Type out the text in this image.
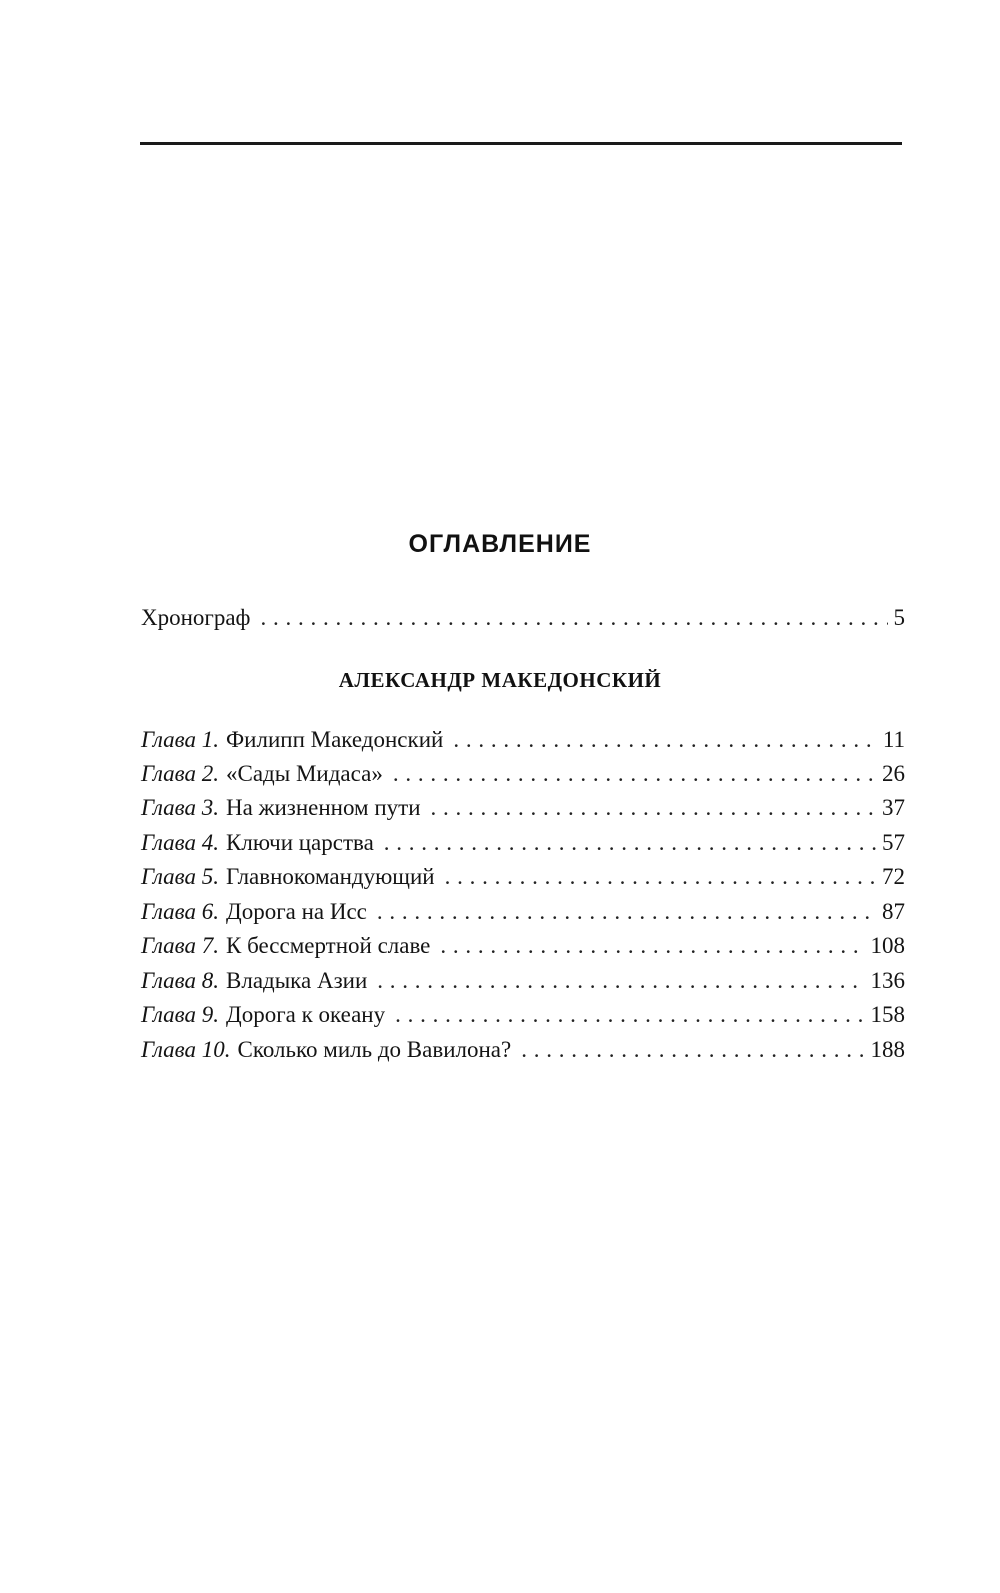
ОГЛАВЛЕНИЕ
Хронограф . . .	5
АЛЕКСАНДР МАКЕДОНСКИЙ
Глава 1. Филипп Македонский . . .	11
Глава 2. «Сады Мидаса» . . .	26
Глава 3. На жизненном пути . . .	37
Глава 4. Ключи царства . . .	57
Глава 5. Главнокомандующий . . .	72
Глава 6. Дорога на Исс . . .	87
Глава 7. К бессмертной славе . . .	108
Глава 8. Владыка Азии . . .	136
Глава 9. Дорога к океану . . .	158
Глава 10. Сколько миль до Вавилона? . . .	188
